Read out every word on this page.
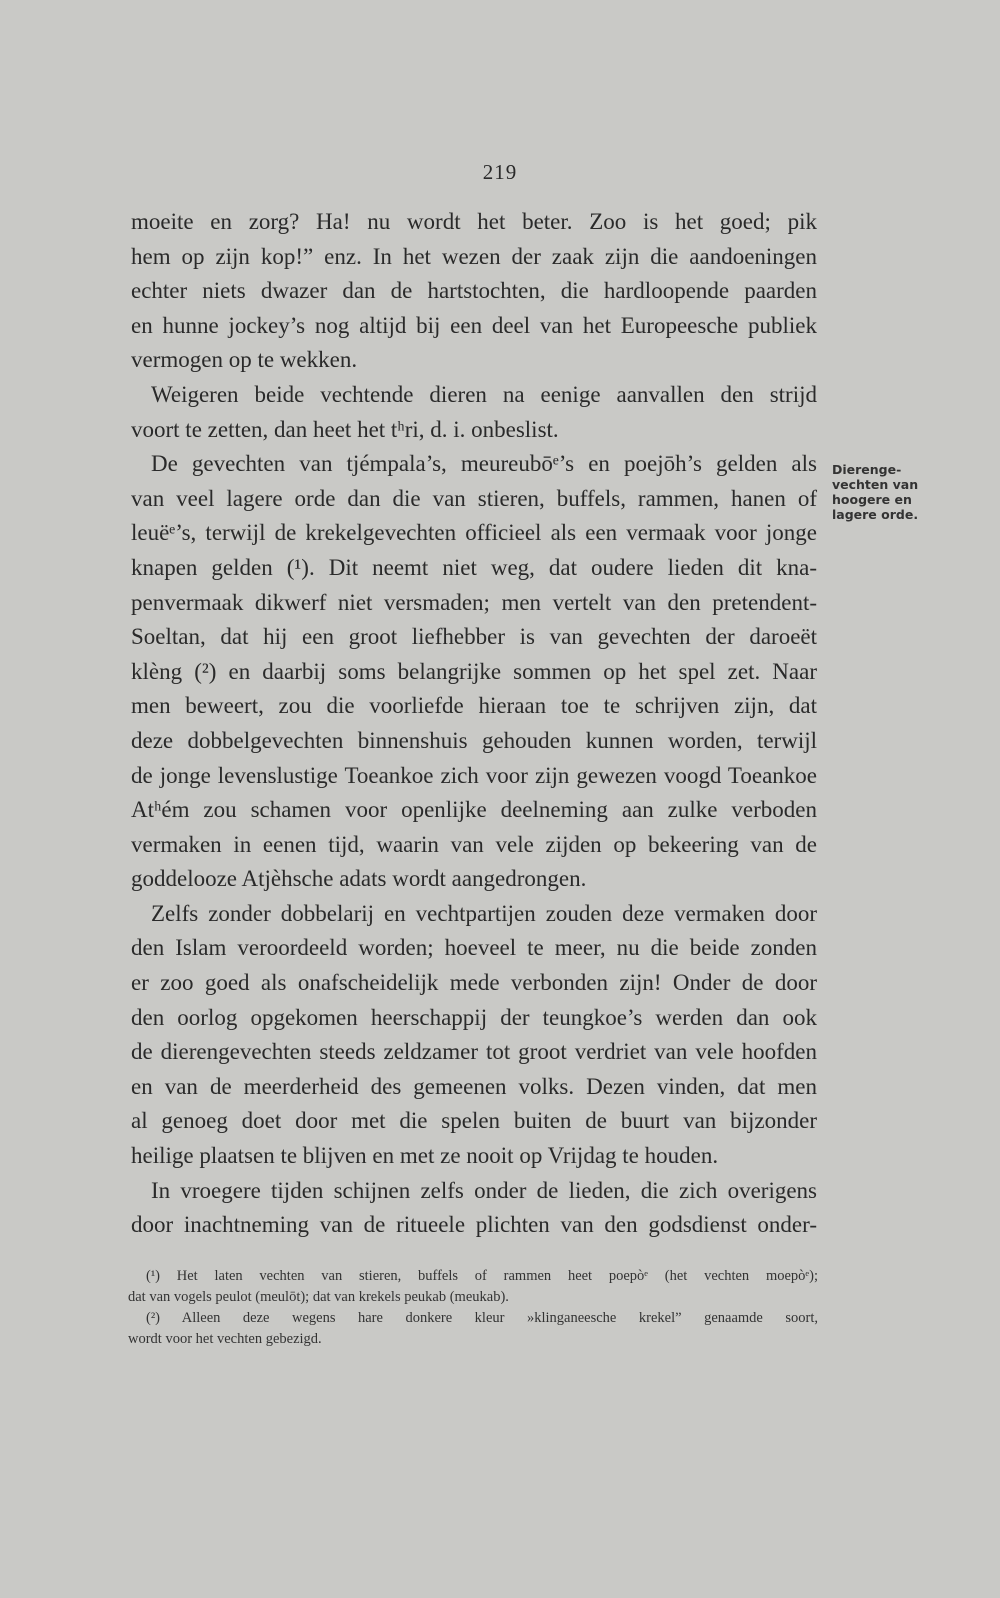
219
moeite en zorg? Ha! nu wordt het beter. Zoo is het goed; pik
hem op zijn kop!” enz. In het wezen der zaak zijn die aandoeningen
echter niets dwazer dan de hartstochten, die hardloopende paarden
en hunne jockey’s nog altijd bij een deel van het Europeesche publiek
vermogen op te wekken.
Weigeren beide vechtende dieren na eenige aanvallen den strijd
voort te zetten, dan heet het tʰri, d. i. onbeslist.
De gevechten van tjémpala’s, meureubōᵉ’s en poejōh’s gelden als
van veel lagere orde dan die van stieren, buffels, rammen, hanen of
leuëᵉ’s, terwijl de krekelgevechten officieel als een vermaak voor jonge
knapen gelden (¹). Dit neemt niet weg, dat oudere lieden dit kna-
penvermaak dikwerf niet versmaden; men vertelt van den pretendent-
Soeltan, dat hij een groot liefhebber is van gevechten der daroeët
klèng (²) en daarbij soms belangrijke sommen op het spel zet. Naar
men beweert, zou die voorliefde hieraan toe te schrijven zijn, dat
deze dobbelgevechten binnenshuis gehouden kunnen worden, terwijl
de jonge levenslustige Toeankoe zich voor zijn gewezen voogd Toeankoe
Atʰém zou schamen voor openlijke deelneming aan zulke verboden
vermaken in eenen tijd, waarin van vele zijden op bekeering van de
goddelooze Atjèhsche adats wordt aangedrongen.
Zelfs zonder dobbelarij en vechtpartijen zouden deze vermaken door
den Islam veroordeeld worden; hoeveel te meer, nu die beide zonden
er zoo goed als onafscheidelijk mede verbonden zijn! Onder de door
den oorlog opgekomen heerschappij der teungkoe’s werden dan ook
de dierengevechten steeds zeldzamer tot groot verdriet van vele hoofden
en van de meerderheid des gemeenen volks. Dezen vinden, dat men
al genoeg doet door met die spelen buiten de buurt van bijzonder
heilige plaatsen te blijven en met ze nooit op Vrijdag te houden.
In vroegere tijden schijnen zelfs onder de lieden, die zich overigens
door inachtneming van de ritueele plichten van den godsdienst onder-
Dierenge-
vechten van
hoogere en
lagere orde.
(¹) Het laten vechten van stieren, buffels of rammen heet poepòᵉ (het vechten moepòᵉ);
dat van vogels peulot (meulōt); dat van krekels peukab (meukab).
(²) Alleen deze wegens hare donkere kleur »klinganeesche krekel” genaamde soort,
wordt voor het vechten gebezigd.
